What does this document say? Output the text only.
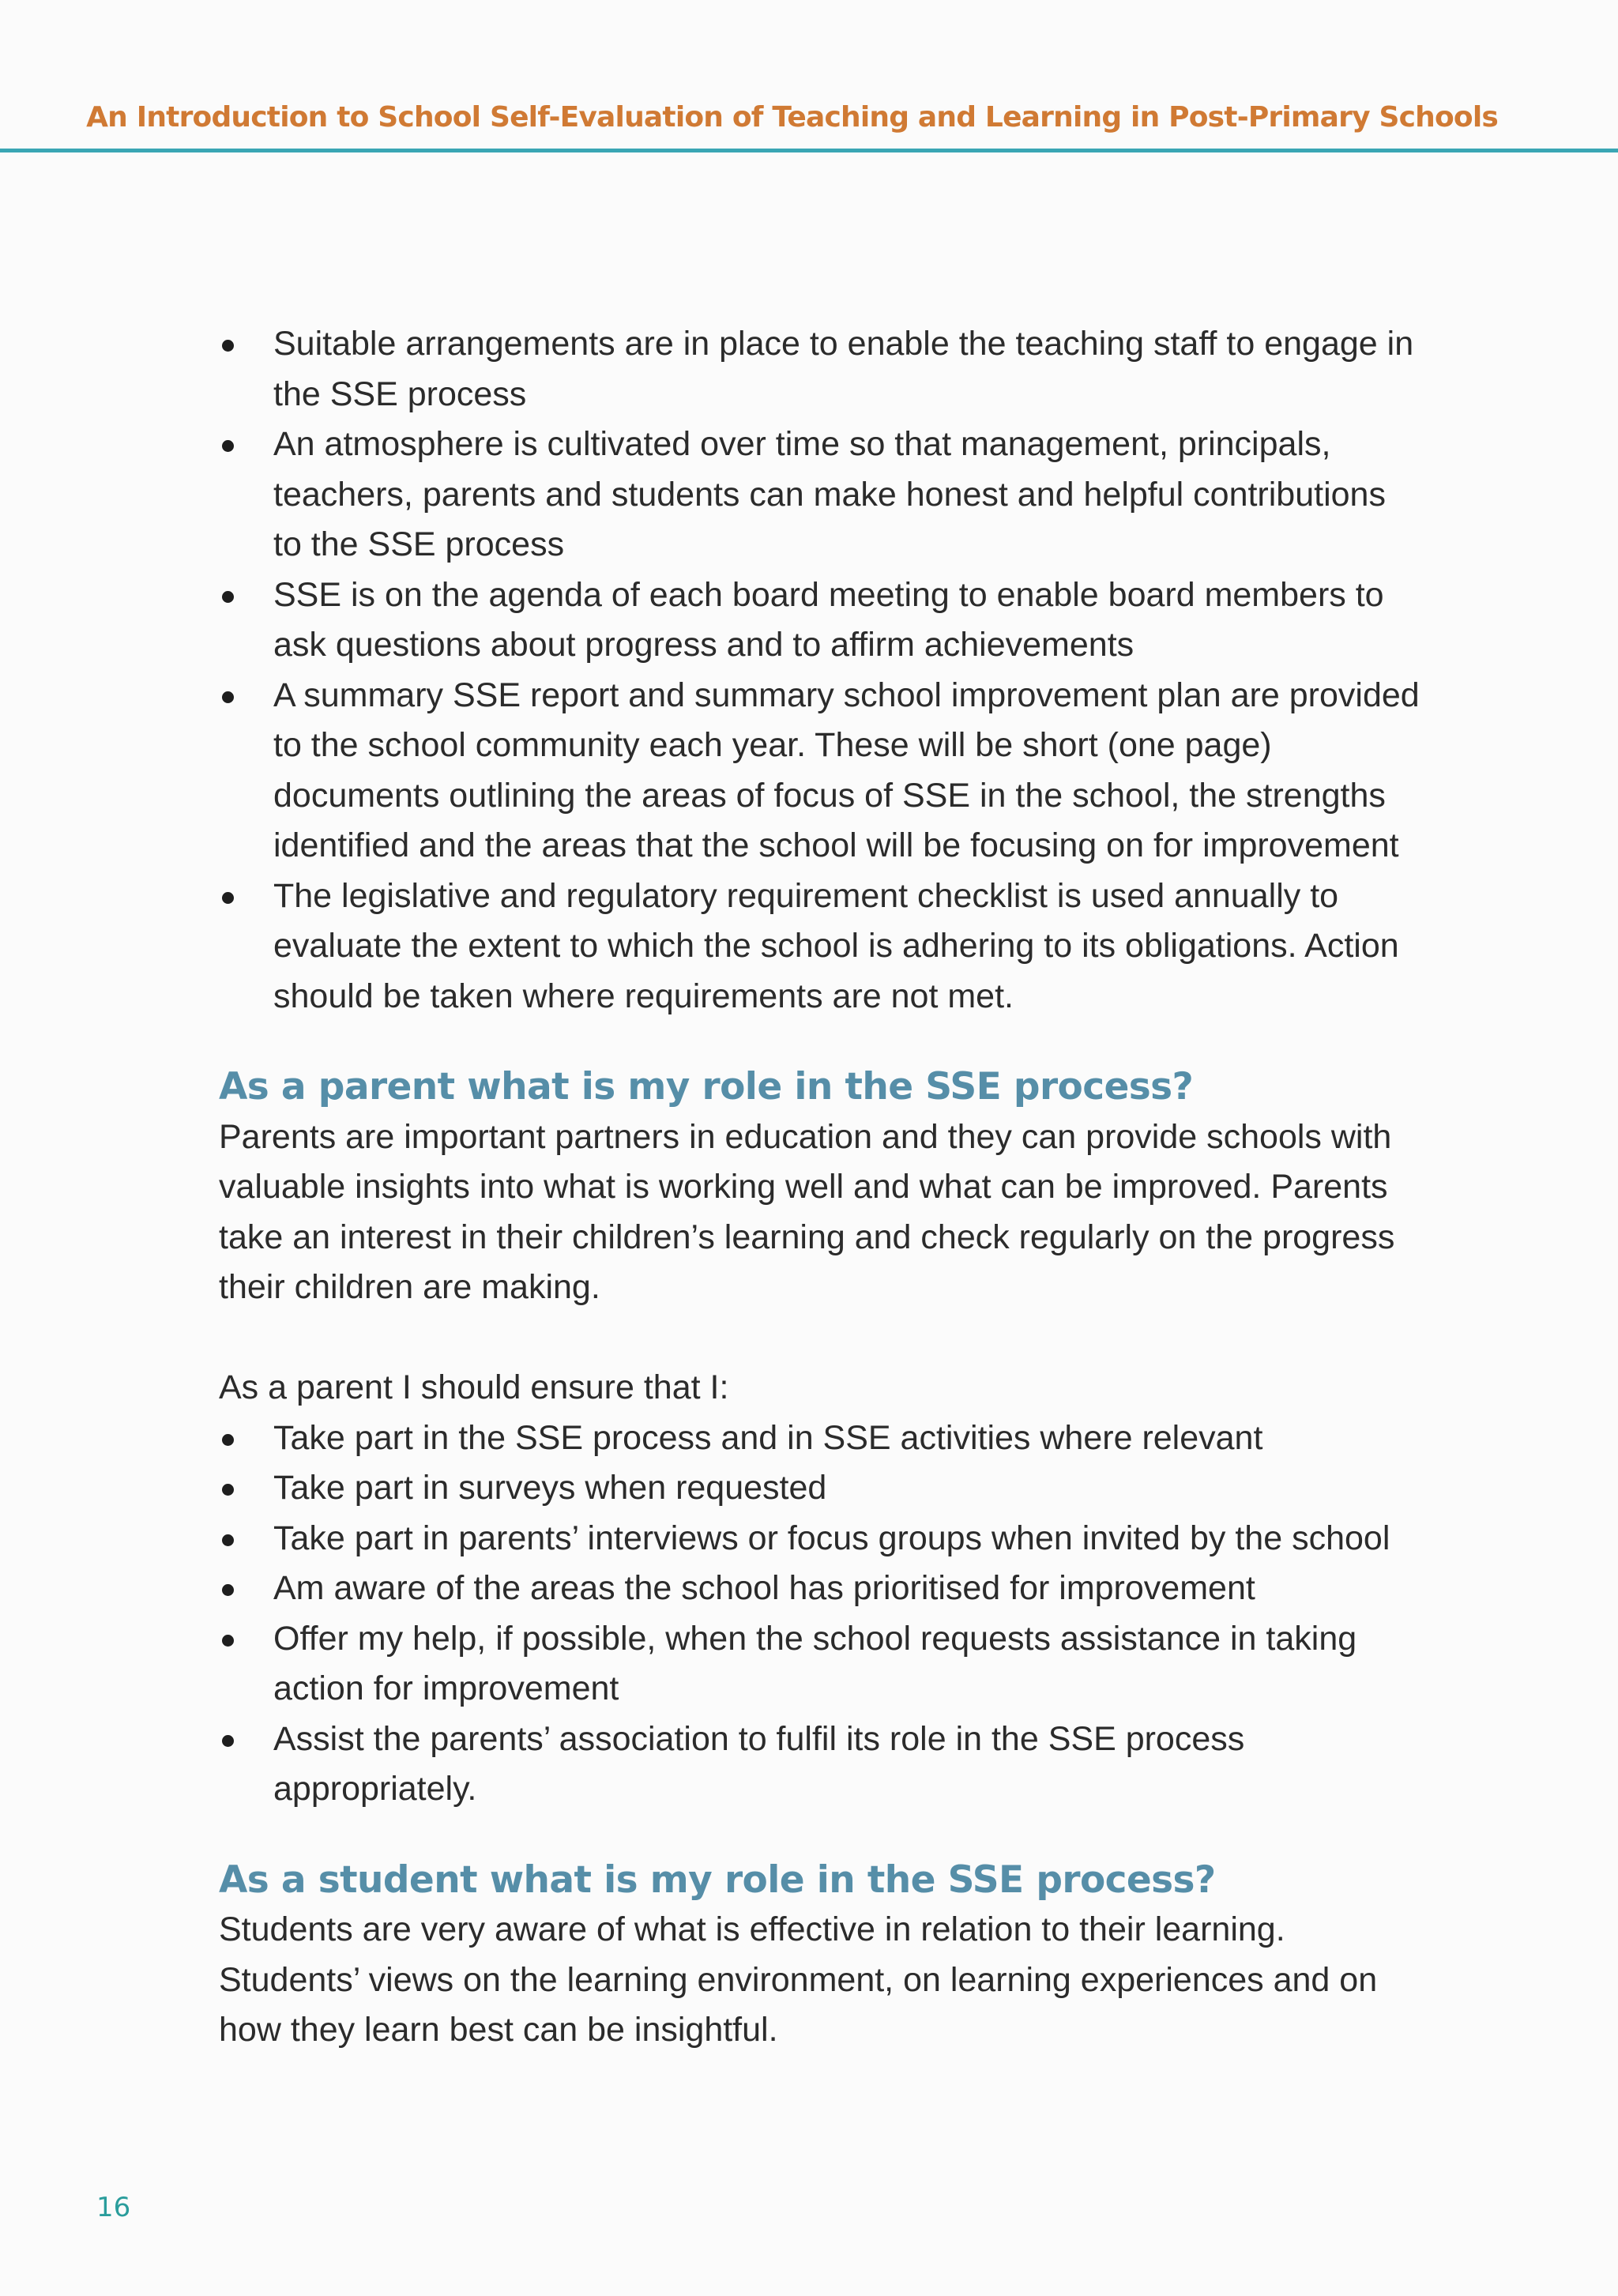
An Introduction to School Self-Evaluation of Teaching and Learning in Post-Primary Schools
Suitable arrangements are in place to enable the teaching staff to engage in the SSE process
An atmosphere is cultivated over time so that management, principals, teachers, parents and students can make honest and helpful contributions to the SSE process
SSE is on the agenda of each board meeting to enable board members to ask questions about progress and to affirm achievements
A summary SSE report and summary school improvement plan are provided to the school community each year. These will be short (one page) documents outlining the areas of focus of SSE in the school, the strengths identified and the areas that the school will be focusing on for improvement
The legislative and regulatory requirement checklist is used annually to evaluate the extent to which the school is adhering to its obligations. Action should be taken where requirements are not met.
As a parent what is my role in the SSE process?

Parents are important partners in education and they can provide schools with valuable insights into what is working well and what can be improved. Parents take an interest in their children’s learning and check regularly on the progress their children are making.

As a parent I should ensure that I:

Take part in the SSE process and in SSE activities where relevant
Take part in surveys when requested
Take part in parents’ interviews or focus groups when invited by the school
Am aware of the areas the school has prioritised for improvement
Offer my help, if possible, when the school requests assistance in taking action for improvement
Assist the parents’ association to fulfil its role in the SSE process appropriately.
As a student what is my role in the SSE process?

Students are very aware of what is effective in relation to their learning. Students’ views on the learning environment, on learning experiences and on how they learn best can be insightful.

16
